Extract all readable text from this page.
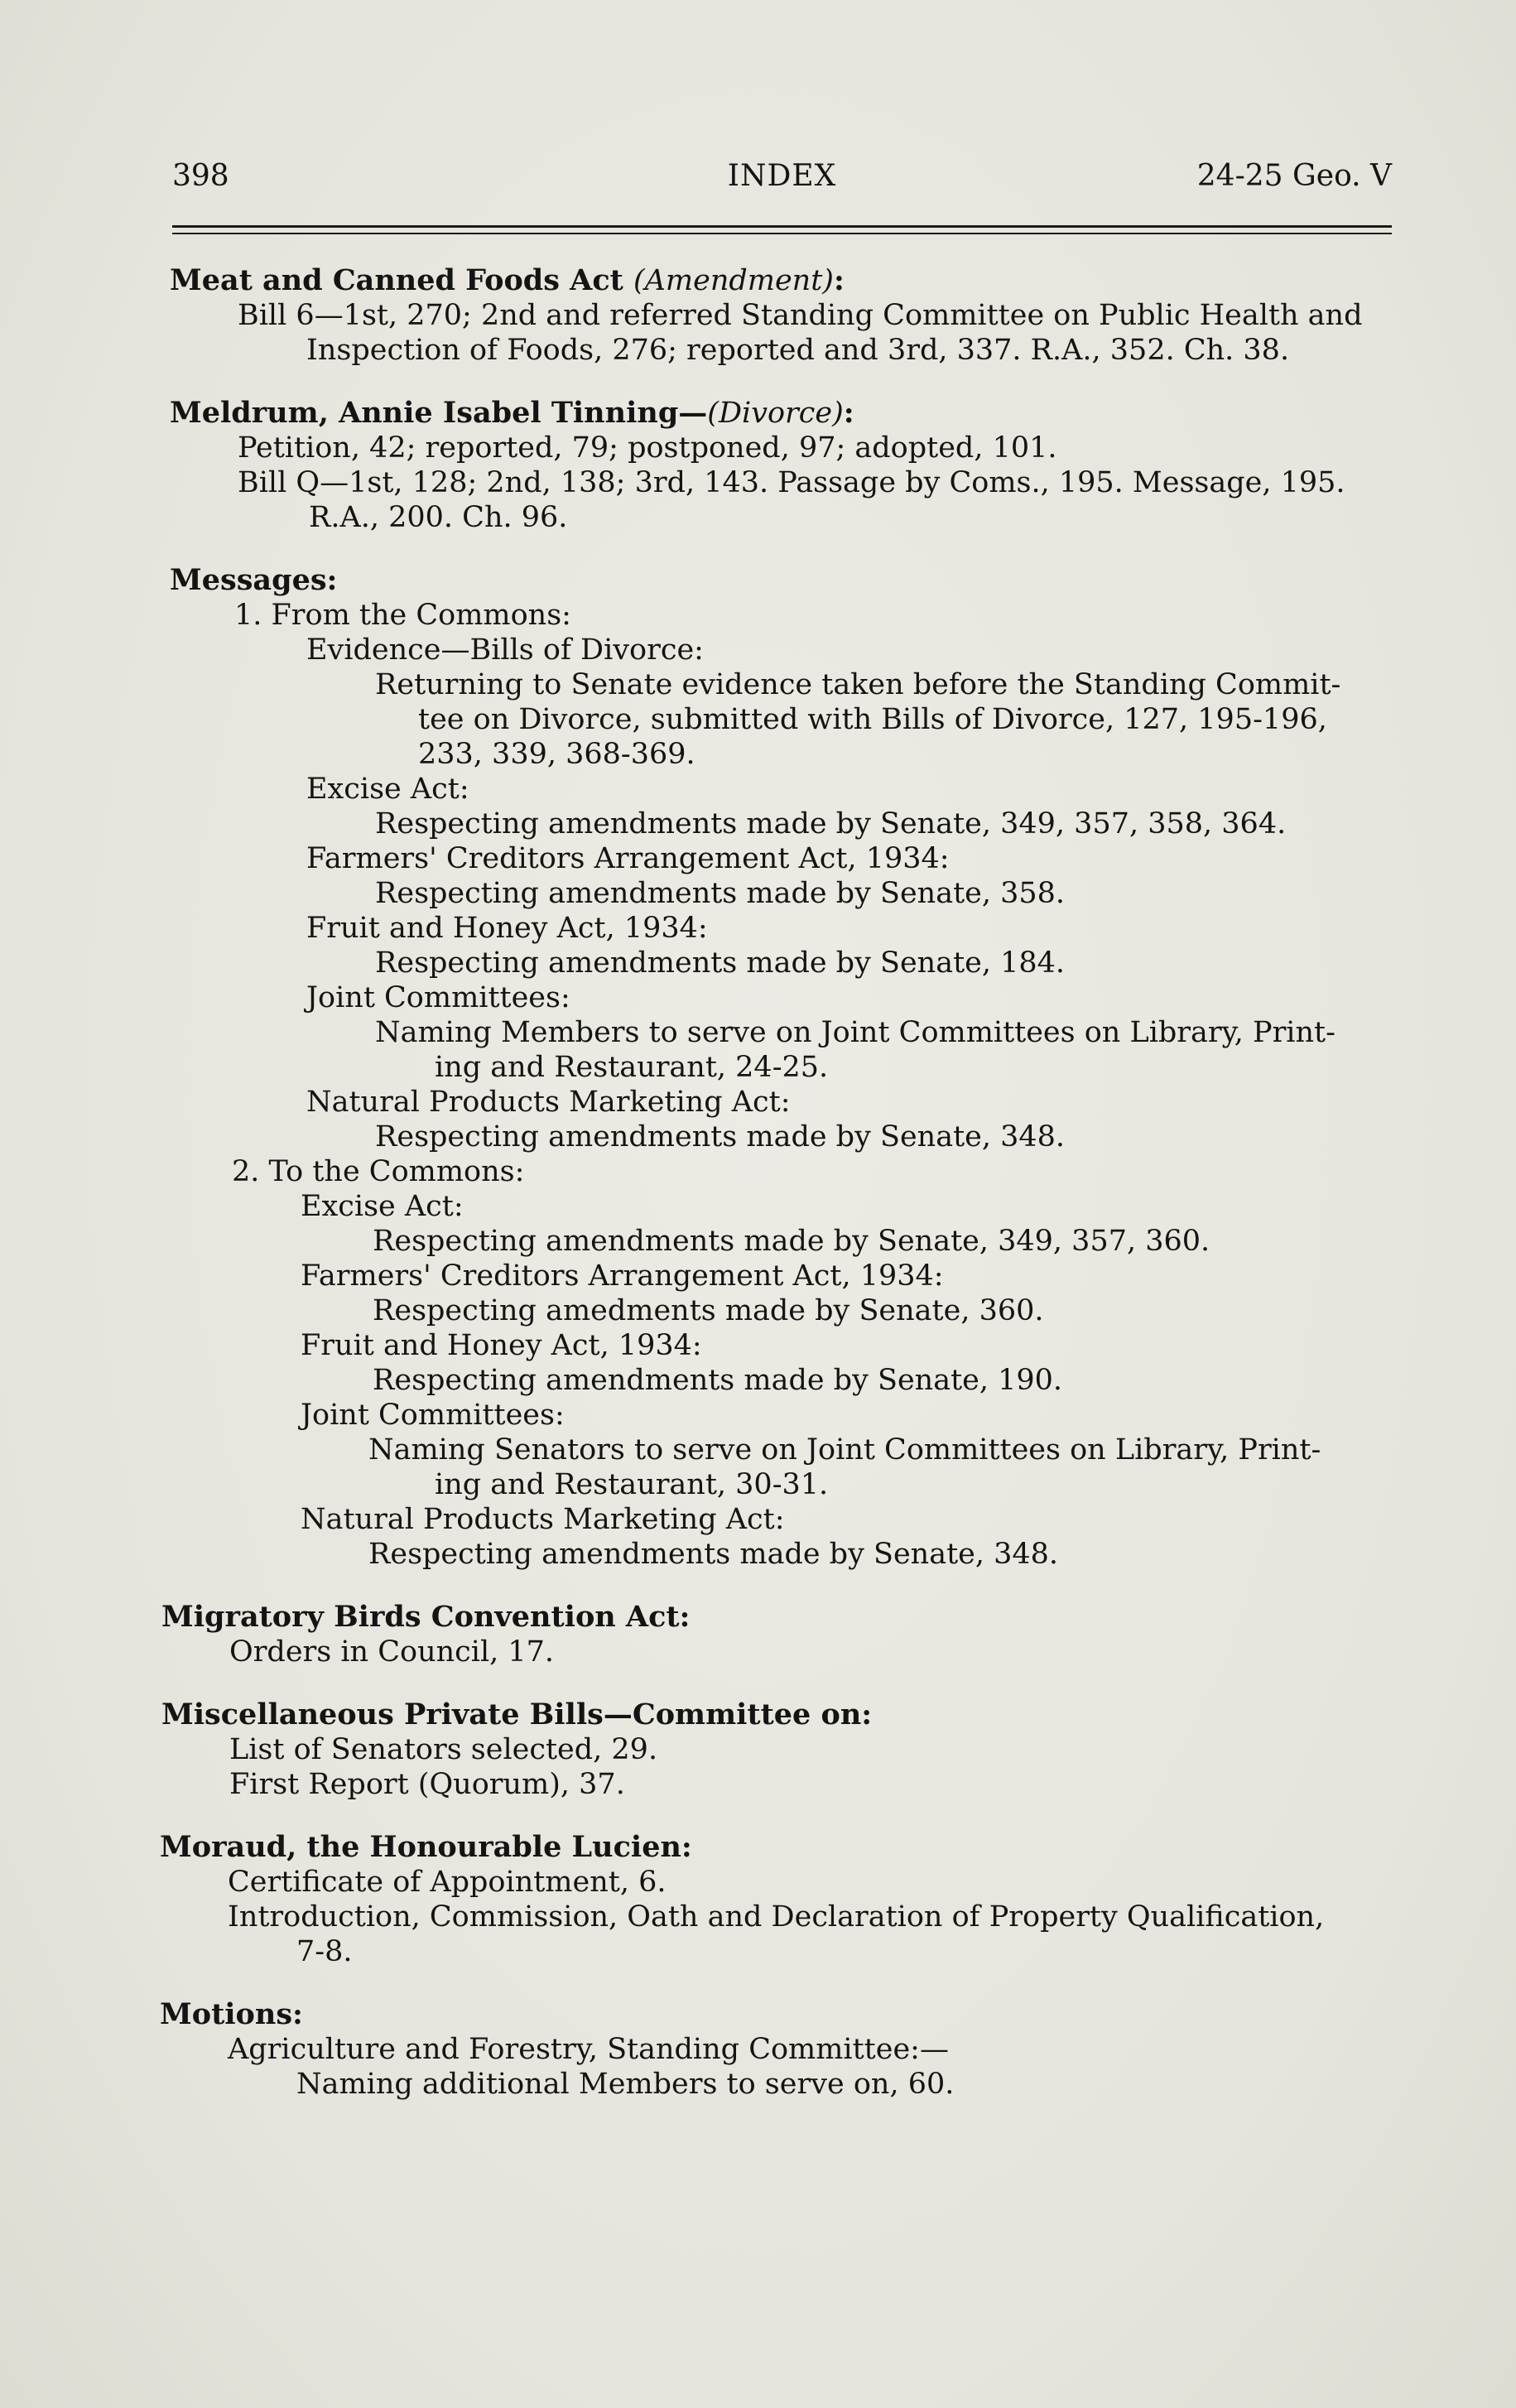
398	INDEX	24-25 Geo. V
Meat and Canned Foods Act (Amendment):
Bill 6—1st, 270; 2nd and referred Standing Committee on Public Health and
Inspection of Foods, 276; reported and 3rd, 337. R.A., 352. Ch. 38.
Meldrum, Annie Isabel Tinning—(Divorce):
Petition, 42; reported, 79; postponed, 97; adopted, 101.
Bill Q—1st, 128; 2nd, 138; 3rd, 143. Passage by Coms., 195. Message, 195.
R.A., 200. Ch. 96.
Messages:
1. From the Commons:
Evidence—Bills of Divorce:
Returning to Senate evidence taken before the Standing Commit-
tee on Divorce, submitted with Bills of Divorce, 127, 195-196,
233, 339, 368-369.
Excise Act:
Respecting amendments made by Senate, 349, 357, 358, 364.
Farmers' Creditors Arrangement Act, 1934:
Respecting amendments made by Senate, 358.
Fruit and Honey Act, 1934:
Respecting amendments made by Senate, 184.
Joint Committees:
Naming Members to serve on Joint Committees on Library, Print-
ing and Restaurant, 24-25.
Natural Products Marketing Act:
Respecting amendments made by Senate, 348.
2. To the Commons:
Excise Act:
Respecting amendments made by Senate, 349, 357, 360.
Farmers' Creditors Arrangement Act, 1934:
Respecting amedments made by Senate, 360.
Fruit and Honey Act, 1934:
Respecting amendments made by Senate, 190.
Joint Committees:
Naming Senators to serve on Joint Committees on Library, Print-
ing and Restaurant, 30-31.
Natural Products Marketing Act:
Respecting amendments made by Senate, 348.
Migratory Birds Convention Act:
Orders in Council, 17.
Miscellaneous Private Bills—Committee on:
List of Senators selected, 29.
First Report (Quorum), 37.
Moraud, the Honourable Lucien:
Certificate of Appointment, 6.
Introduction, Commission, Oath and Declaration of Property Qualification,
7-8.
Motions:
Agriculture and Forestry, Standing Committee:—
Naming additional Members to serve on, 60.
